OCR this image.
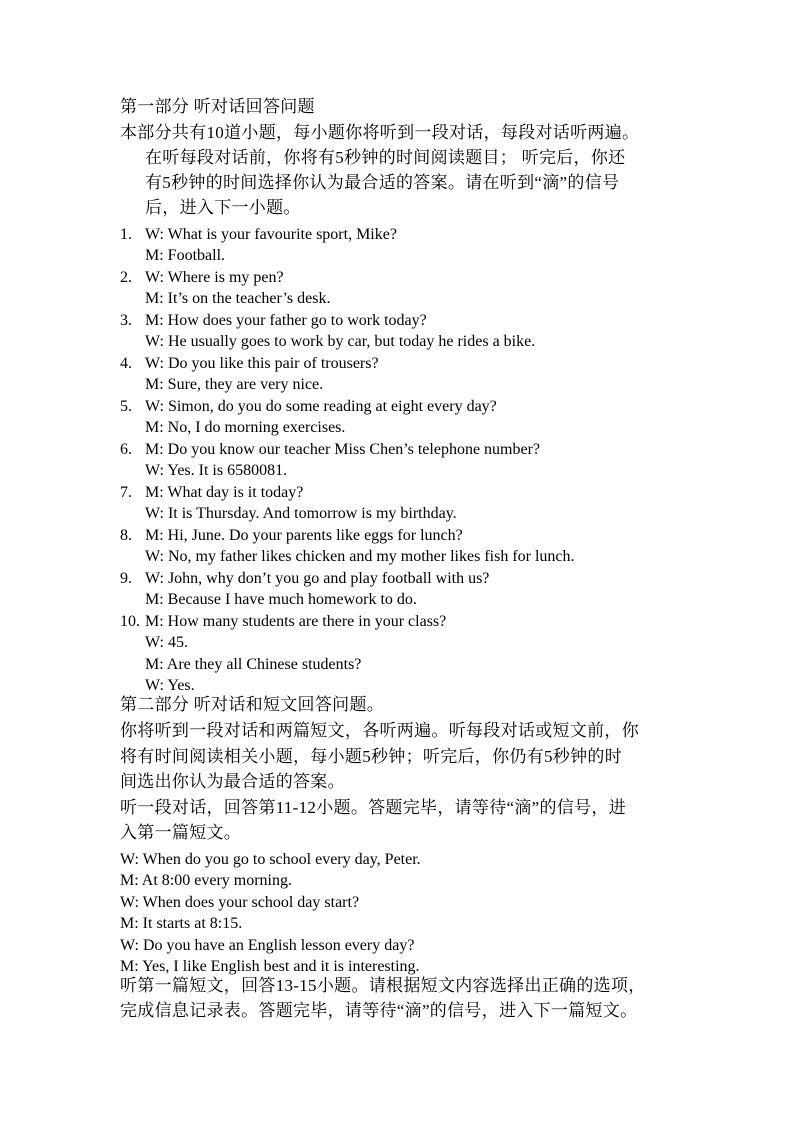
第一部分 听对话回答问题
本部分共有10道小题，每小题你将听到一段对话，每段对话听两遍。
在听每段对话前，你将有5秒钟的时间阅读题目； 听完后，你还
有5秒钟的时间选择你认为最合适的答案。请在听到“滴”的信号
后，进入下一小题。
1. W: What is your favourite sport, Mike?
M: Football.
2. W: Where is my pen?
M: It’s on the teacher’s desk.
3. M: How does your father go to work today?
W: He usually goes to work by car, but today he rides a bike.
4. W: Do you like this pair of trousers?
M: Sure, they are very nice.
5. W: Simon, do you do some reading at eight every day?
M: No, I do morning exercises.
6. M: Do you know our teacher Miss Chen’s telephone number?
W: Yes. It is 6580081.
7. M: What day is it today?
W: It is Thursday. And tomorrow is my birthday.
8. M: Hi, June. Do your parents like eggs for lunch?
W: No, my father likes chicken and my mother likes fish for lunch.
9. W: John, why don’t you go and play football with us?
M: Because I have much homework to do.
10. M: How many students are there in your class?
W: 45.
M: Are they all Chinese students?
W: Yes.
第二部分 听对话和短文回答问题。
你将听到一段对话和两篇短文，各听两遍。听每段对话或短文前，你
将有时间阅读相关小题，每小题5秒钟；听完后，你仍有5秒钟的时
间选出你认为最合适的答案。
听一段对话，回答第11-12小题。答题完毕，请等待“滴”的信号，进
入第一篇短文。
W: When do you go to school every day, Peter.
M: At 8:00 every morning.
W: When does your school day start?
M: It starts at 8:15.
W: Do you have an English lesson every day?
M: Yes, I like English best and it is interesting.
听第一篇短文，回答13-15小题。请根据短文内容选择出正确的选项，
完成信息记录表。答题完毕，请等待“滴”的信号，进入下一篇短文。
